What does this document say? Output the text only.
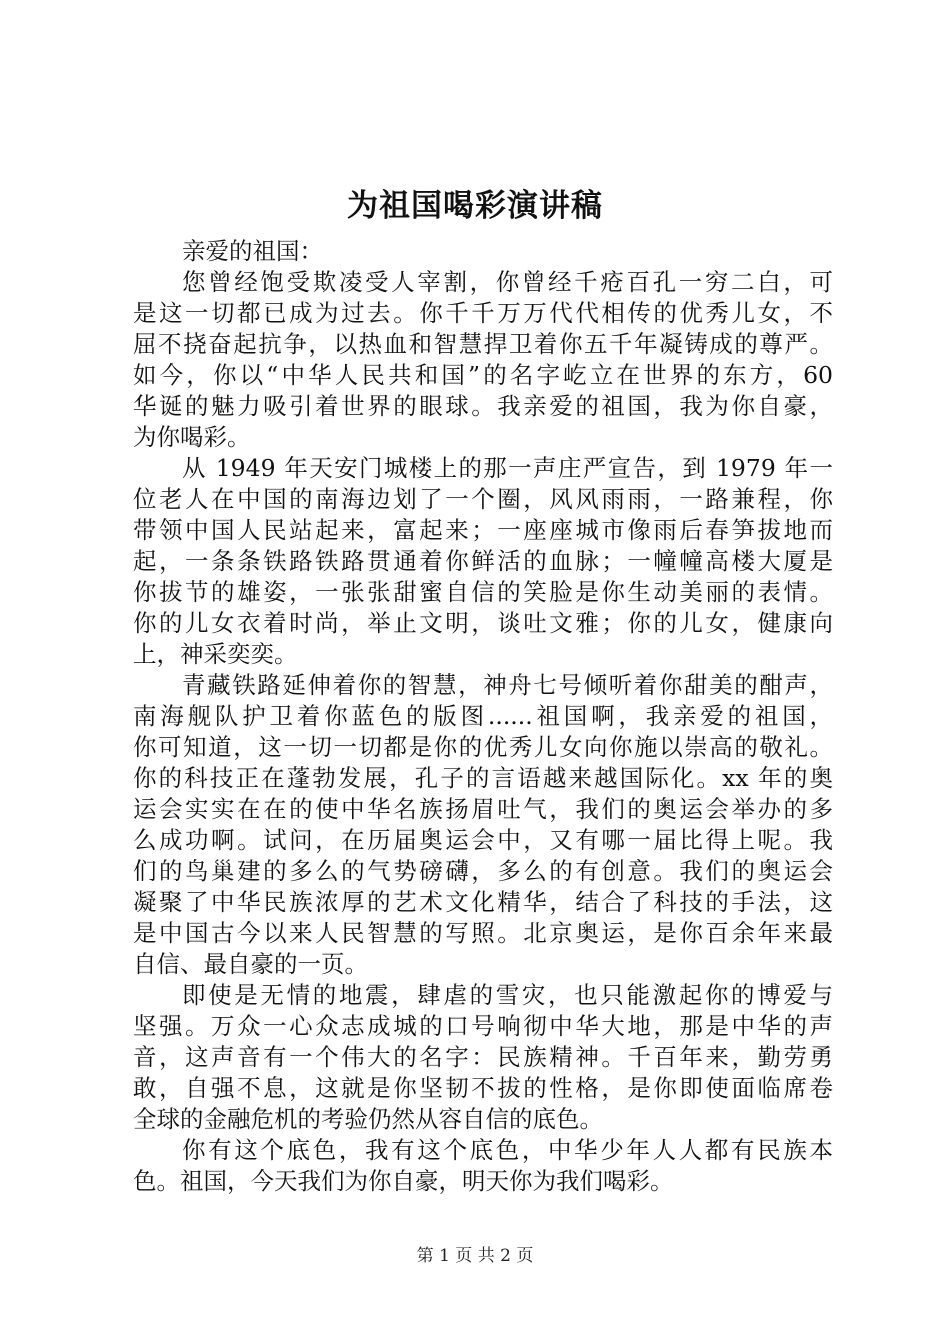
为祖国喝彩演讲稿
亲爱的祖国：
您曾经饱受欺凌受人宰割，你曾经千疮百孔一穷二白，可
是这一切都已成为过去。你千千万万代代相传的优秀儿女，不
屈不挠奋起抗争，以热血和智慧捍卫着你五千年凝铸成的尊严。
如今，你以“中华人民共和国”的名字屹立在世界的东方，60
华诞的魅力吸引着世界的眼球。我亲爱的祖国，我为你自豪，
为你喝彩。
从 1949 年天安门城楼上的那一声庄严宣告，到 1979 年一
位老人在中国的南海边划了一个圈，风风雨雨，一路兼程，你
带领中国人民站起来，富起来；一座座城市像雨后春笋拔地而
起，一条条铁路铁路贯通着你鲜活的血脉；一幢幢高楼大厦是
你拔节的雄姿，一张张甜蜜自信的笑脸是你生动美丽的表情。
你的儿女衣着时尚，举止文明，谈吐文雅；你的儿女，健康向
上，神采奕奕。
青藏铁路延伸着你的智慧，神舟七号倾听着你甜美的酣声，
南海舰队护卫着你蓝色的版图......祖国啊，我亲爱的祖国，
你可知道，这一切一切都是你的优秀儿女向你施以崇高的敬礼。
你的科技正在蓬勃发展，孔子的言语越来越国际化。xx 年的奥
运会实实在在的使中华名族扬眉吐气，我们的奥运会举办的多
么成功啊。试问，在历届奥运会中，又有哪一届比得上呢。我
们的鸟巢建的多么的气势磅礴，多么的有创意。我们的奥运会
凝聚了中华民族浓厚的艺术文化精华，结合了科技的手法，这
是中国古今以来人民智慧的写照。北京奥运，是你百余年来最
自信、最自豪的一页。
即使是无情的地震，肆虐的雪灾，也只能激起你的博爱与
坚强。万众一心众志成城的口号响彻中华大地，那是中华的声
音，这声音有一个伟大的名字：民族精神。千百年来，勤劳勇
敢，自强不息，这就是你坚韧不拔的性格，是你即使面临席卷
全球的金融危机的考验仍然从容自信的底色。
你有这个底色，我有这个底色，中华少年人人都有民族本
色。祖国，今天我们为你自豪，明天你为我们喝彩。
第 1 页 共 2 页
